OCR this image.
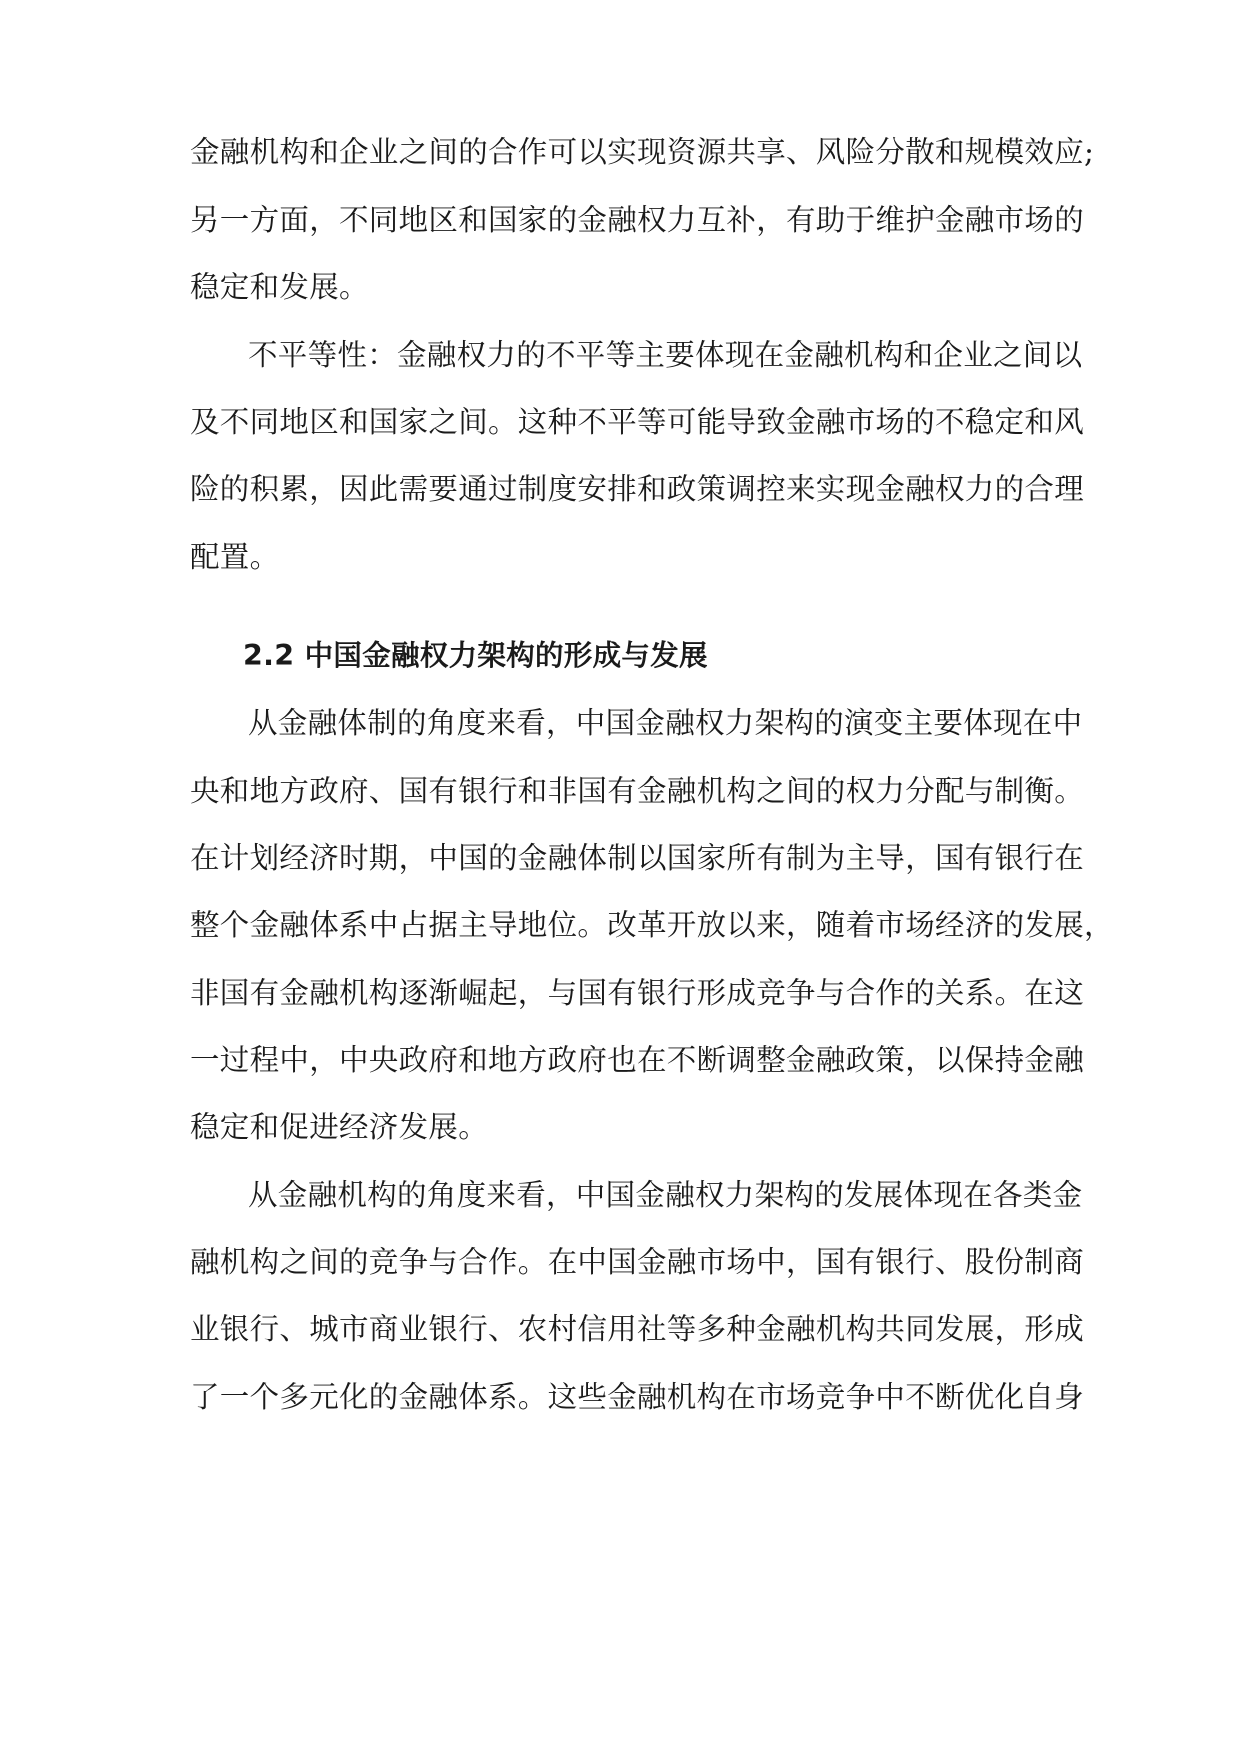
金融机构和企业之间的合作可以实现资源共享、风险分散和规模效应;
另一方面，不同地区和国家的金融权力互补，有助于维护金融市场的
稳定和发展。
不平等性：金融权力的不平等主要体现在金融机构和企业之间以
及不同地区和国家之间。这种不平等可能导致金融市场的不稳定和风
险的积累，因此需要通过制度安排和政策调控来实现金融权力的合理
配置。
2.2 中国金融权力架构的形成与发展
从金融体制的角度来看，中国金融权力架构的演变主要体现在中
央和地方政府、国有银行和非国有金融机构之间的权力分配与制衡。
在计划经济时期，中国的金融体制以国家所有制为主导，国有银行在
整个金融体系中占据主导地位。改革开放以来，随着市场经济的发展，
非国有金融机构逐渐崛起，与国有银行形成竞争与合作的关系。在这
一过程中，中央政府和地方政府也在不断调整金融政策，以保持金融
稳定和促进经济发展。
从金融机构的角度来看，中国金融权力架构的发展体现在各类金
融机构之间的竞争与合作。在中国金融市场中，国有银行、股份制商
业银行、城市商业银行、农村信用社等多种金融机构共同发展，形成
了一个多元化的金融体系。这些金融机构在市场竞争中不断优化自身
